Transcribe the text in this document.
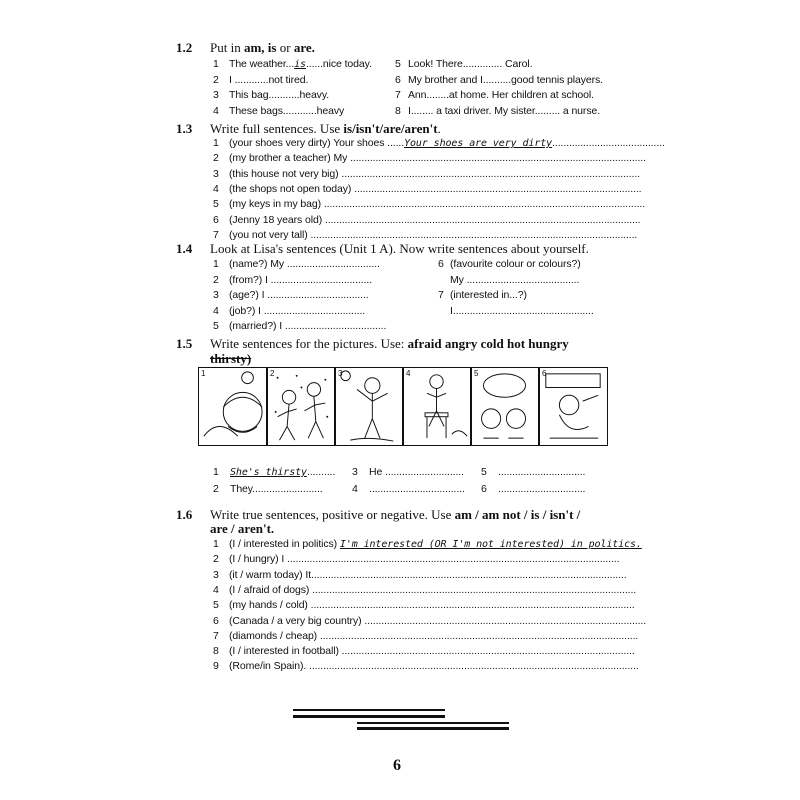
1.2 Put in am, is or are.
1 The weather...is......nice today.
2 I ............not tired.
3 This bag...........heavy.
4 These bags............heavy
5 Look! There.............. Carol.
6 My brother and I..........good tennis players.
7 Ann........at home. Her children at school.
8 I........ a taxi driver. My sister......... a nurse.
1.3 Write full sentences. Use is/isn't/are/aren't.
1 (your shoes very dirty) Your shoes ......Your shoes are very dirty........................................
2 (my brother a teacher) My .........................................................................................................
3 (this house not very big) ..........................................................................................................
4 (the shops not open today) ......................................................................................................
5 (my keys in my bag) ..................................................................................................................
6 (Jenny 18 years old) ................................................................................................................
7 (you not very tall) ....................................................................................................................
1.4 Look at Lisa's sentences (Unit 1 A). Now write sentences about yourself.
1 (name?) My .................................
2 (from?) I ....................................
3 (age?) I ....................................
4 (job?) I ....................................
5 (married?) I ....................................
6 (favourite colour or colours?)
My ........................................
7 (interested in...?)
I..................................................
1.5 Write sentences for the pictures. Use: afraid angry cold hot hungry
thirsty)
1	2	3	4	5	6
1 She's thirsty..........
2 They.........................
3 He ............................
4 ..................................
5 ...............................
6 ...............................
1.6 Write true sentences, positive or negative. Use am / am not / is / isn't /
are / aren't.
1 (I / interested in politics) I'm interested (OR I'm not interested) in politics.
2 (I / hungry) I ......................................................................................................................
3 (it / warm today) It................................................................................................................
4 (I / afraid of dogs) ...................................................................................................................
5 (my hands / cold) ...................................................................................................................
6 (Canada / a very big country) ....................................................................................................
7 (diamonds / cheap) .................................................................................................................
8 (I / interested in football) ........................................................................................................
9 (Rome/in Spain). .....................................................................................................................
6
